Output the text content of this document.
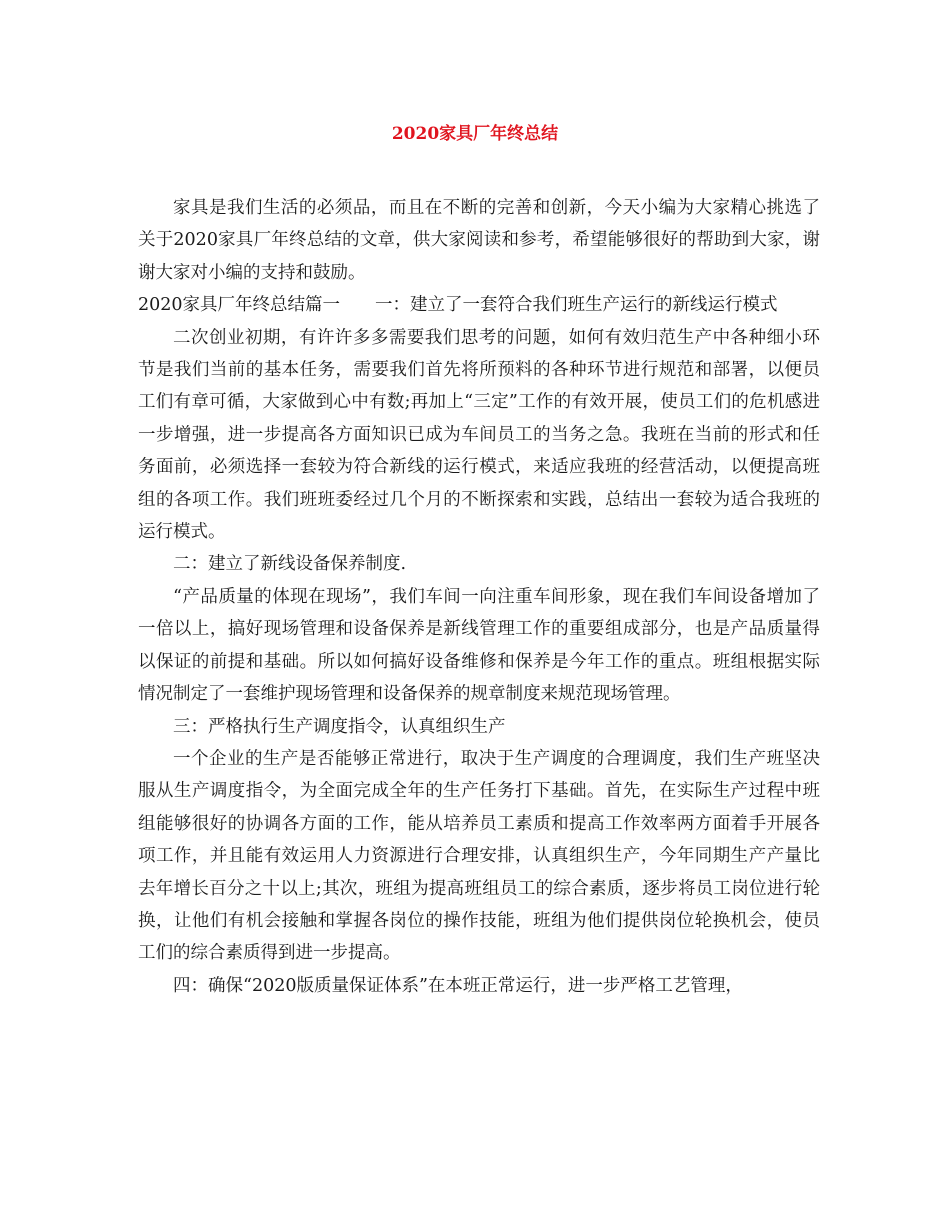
2020家具厂年终总结

家具是我们生活的必须品，而且在不断的完善和创新，今天小编为大家精心挑选了关于2020家具厂年终总结的文章，供大家阅读和参考，希望能够很好的帮助到大家，谢谢大家对小编的支持和鼓励。

2020家具厂年终总结篇一　　一：建立了一套符合我们班生产运行的新线运行模式

二次创业初期，有许许多多需要我们思考的问题，如何有效归范生产中各种细小环节是我们当前的基本任务，需要我们首先将所预料的各种环节进行规范和部署，以便员工们有章可循，大家做到心中有数;再加上“三定”工作的有效开展，使员工们的危机感进一步增强，进一步提高各方面知识已成为车间员工的当务之急。我班在当前的形式和任务面前，必须选择一套较为符合新线的运行模式，来适应我班的经营活动，以便提高班组的各项工作。我们班班委经过几个月的不断探索和实践，总结出一套较为适合我班的运行模式。

二：建立了新线设备保养制度.

“产品质量的体现在现场”，我们车间一向注重车间形象，现在我们车间设备增加了一倍以上，搞好现场管理和设备保养是新线管理工作的重要组成部分，也是产品质量得以保证的前提和基础。所以如何搞好设备维修和保养是今年工作的重点。班组根据实际情况制定了一套维护现场管理和设备保养的规章制度来规范现场管理。

三：严格执行生产调度指令，认真组织生产

一个企业的生产是否能够正常进行，取决于生产调度的合理调度，我们生产班坚决服从生产调度指令，为全面完成全年的生产任务打下基础。首先，在实际生产过程中班组能够很好的协调各方面的工作，能从培养员工素质和提高工作效率两方面着手开展各项工作，并且能有效运用人力资源进行合理安排，认真组织生产，今年同期生产产量比去年增长百分之十以上;其次，班组为提高班组员工的综合素质，逐步将员工岗位进行轮换，让他们有机会接触和掌握各岗位的操作技能，班组为他们提供岗位轮换机会，使员工们的综合素质得到进一步提高。

四：确保“2020版质量保证体系”在本班正常运行，进一步严格工艺管理，
